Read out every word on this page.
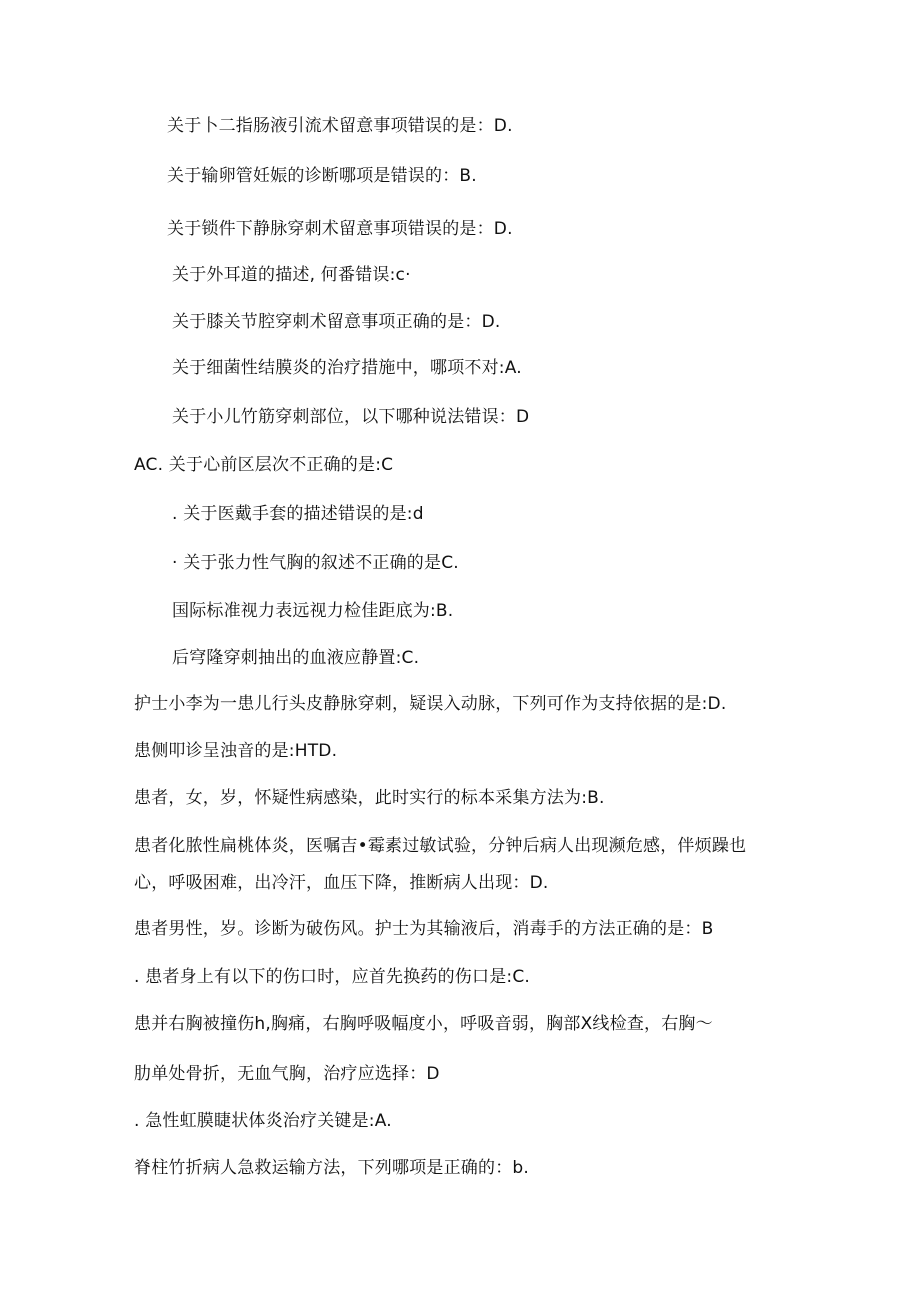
关于卜二指肠液引流术留意事项错误的是：D.
关于输卵管妊娠的诊断哪项是错误的：B.
关于锁件下静脉穿刺术留意事项错误的是：D.
关于外耳道的描述, 何番错误:c·
关于膝关节腔穿刺术留意事项正确的是：D.
关于细菌性结膜炎的治疗措施中，哪项不对:A.
关于小儿竹筋穿刺部位，以下哪种说法错误：D
AC. 关于心前区层次不正确的是:C
. 关于医戴手套的描述错误的是:d
· 关于张力性气胸的叙述不正确的是C.
国际标准视力表远视力检佳距底为:B.
后穹隆穿刺抽出的血液应静置:C.
护士小李为一患儿行头皮静脉穿刺，疑误入动脉，下列可作为支持依据的是:D.
患侧叩诊呈浊音的是:HTD.
患者，女，岁，怀疑性病感染，此时实行的标本采集方法为:B.
患者化脓性扁桃体炎，医嘱吉•霉素过敏试验，分钟后病人出现濒危感，伴烦躁也
心，呼吸困难，出冷汗，血压下降，推断病人出现：D.
患者男性，岁。诊断为破伤风。护士为其输液后，消毒手的方法正确的是：B
. 患者身上有以下的伤口时，应首先换药的伤口是:C.
患并右胸被撞伤h,胸痛，右胸呼吸幅度小，呼吸音弱，胸部X线检查，右胸～
肋单处骨折，无血气胸，治疗应选择：D
. 急性虹膜睫状体炎治疗关键是:A.
脊柱竹折病人急救运输方法，下列哪项是正确的：b.
